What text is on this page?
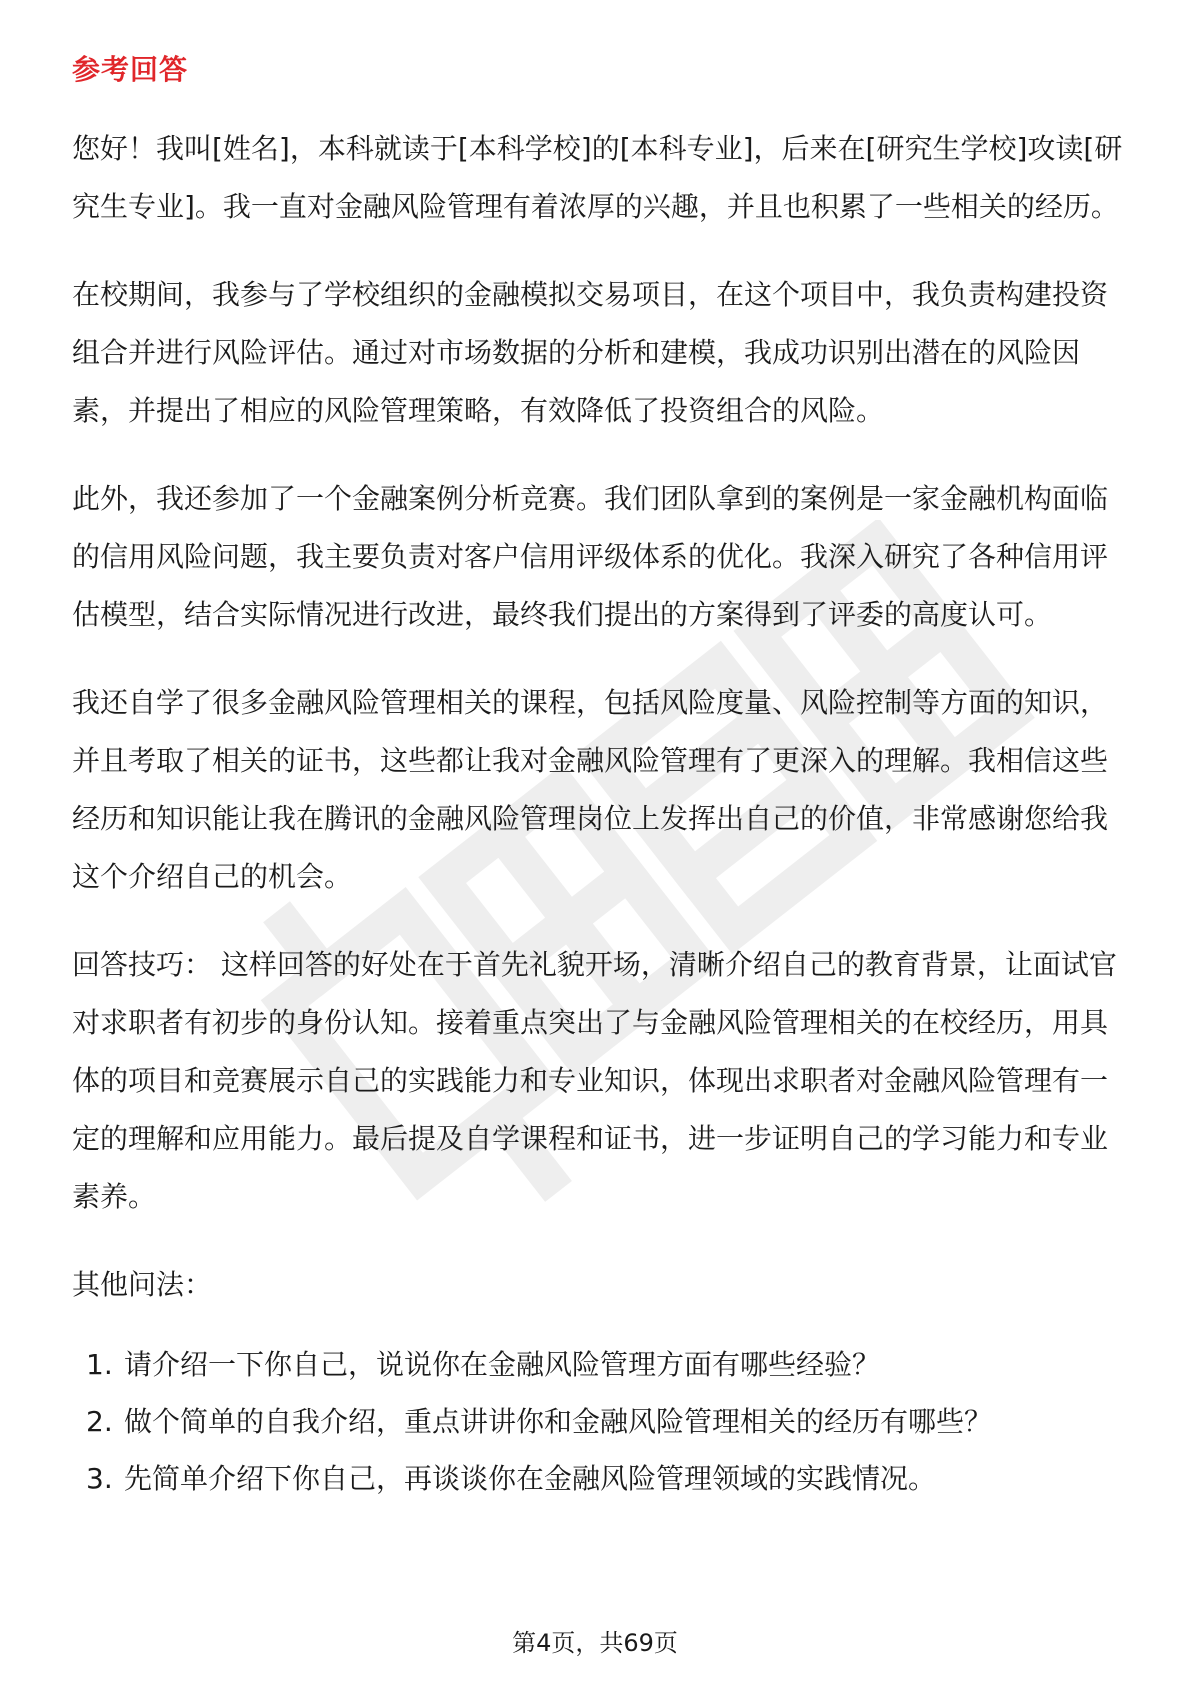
参考回答

您好！我叫[姓名]，本科就读于[本科学校]的[本科专业]，后来在[研究生学校]攻读[研究生专业]。我一直对金融风险管理有着浓厚的兴趣，并且也积累了一些相关的经历。

在校期间，我参与了学校组织的金融模拟交易项目，在这个项目中，我负责构建投资组合并进行风险评估。通过对市场数据的分析和建模，我成功识别出潜在的风险因素，并提出了相应的风险管理策略，有效降低了投资组合的风险。

此外，我还参加了一个金融案例分析竞赛。我们团队拿到的案例是一家金融机构面临的信用风险问题，我主要负责对客户信用评级体系的优化。我深入研究了各种信用评估模型，结合实际情况进行改进，最终我们提出的方案得到了评委的高度认可。

我还自学了很多金融风险管理相关的课程，包括风险度量、风险控制等方面的知识，并且考取了相关的证书，这些都让我对金融风险管理有了更深入的理解。我相信这些经历和知识能让我在腾讯的金融风险管理岗位上发挥出自己的价值，非常感谢您给我这个介绍自己的机会。

回答技巧： 这样回答的好处在于首先礼貌开场，清晰介绍自己的教育背景，让面试官对求职者有初步的身份认知。接着重点突出了与金融风险管理相关的在校经历，用具体的项目和竞赛展示自己的实践能力和专业知识，体现出求职者对金融风险管理有一定的理解和应用能力。最后提及自学课程和证书，进一步证明自己的学习能力和专业素养。

其他问法：

1. 请介绍一下你自己，说说你在金融风险管理方面有哪些经验？
2. 做个简单的自我介绍，重点讲讲你和金融风险管理相关的经历有哪些？
3. 先简单介绍下你自己，再谈谈你在金融风险管理领域的实践情况。
第4页，共69页
